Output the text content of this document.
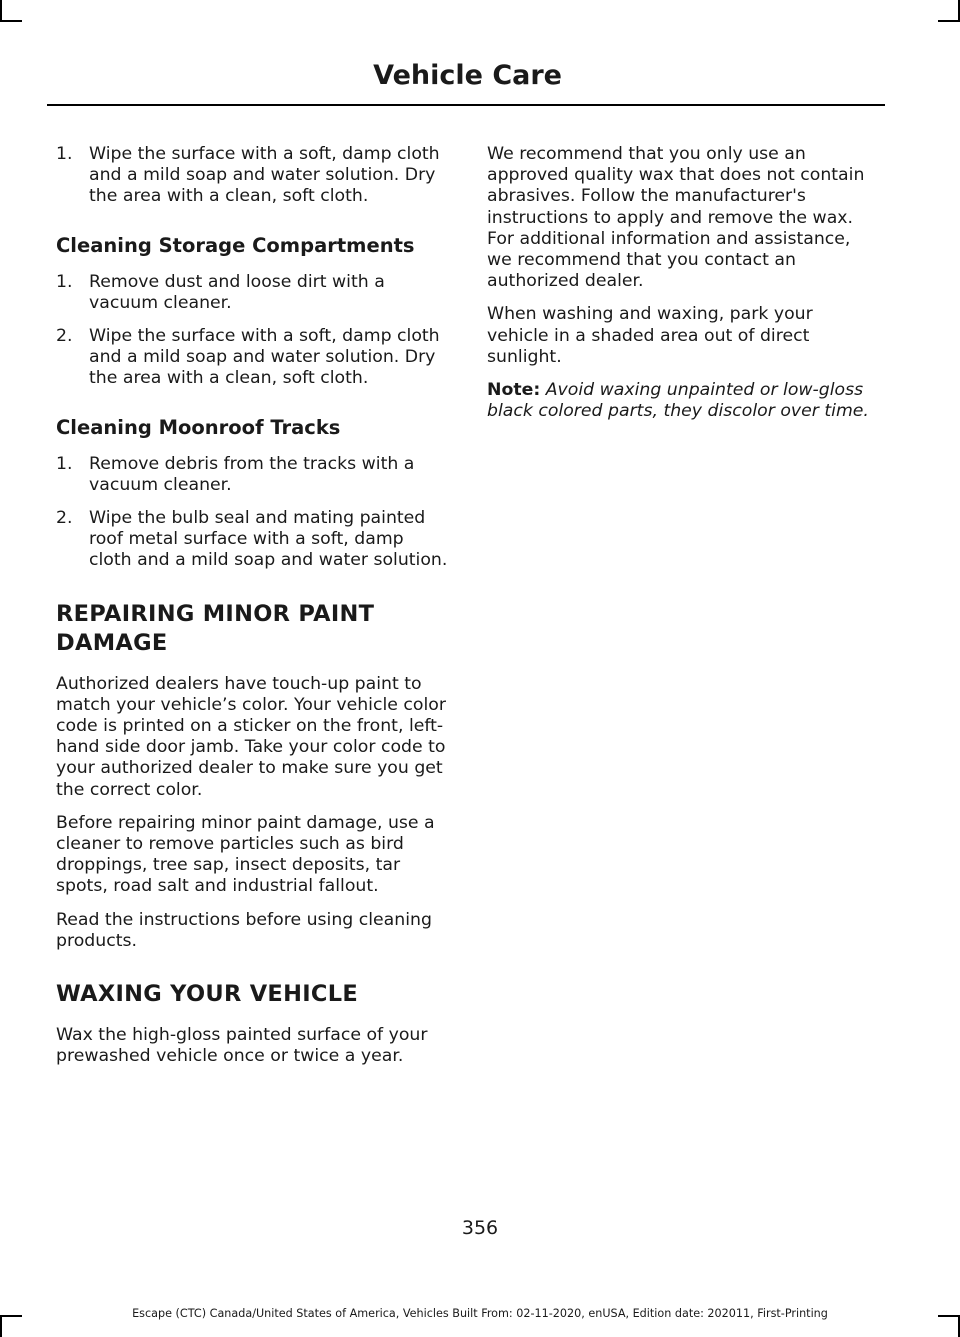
Vehicle Care
1. Wipe the surface with a soft, damp cloth and a mild soap and water solution. Dry the area with a clean, soft cloth.
Cleaning Storage Compartments
1. Remove dust and loose dirt with a vacuum cleaner.
2. Wipe the surface with a soft, damp cloth and a mild soap and water solution. Dry the area with a clean, soft cloth.
Cleaning Moonroof Tracks
1. Remove debris from the tracks with a vacuum cleaner.
2. Wipe the bulb seal and mating painted roof metal surface with a soft, damp cloth and a mild soap and water solution.
REPAIRING MINOR PAINT
DAMAGE

Authorized dealers have touch-up paint to match your vehicle’s color. Your vehicle color code is printed on a sticker on the front, left-hand side door jamb. Take your color code to your authorized dealer to make sure you get the correct color.

Before repairing minor paint damage, use a cleaner to remove particles such as bird droppings, tree sap, insect deposits, tar spots, road salt and industrial fallout.

Read the instructions before using cleaning products.

WAXING YOUR VEHICLE

Wax the high-gloss painted surface of your prewashed vehicle once or twice a year.

We recommend that you only use an approved quality wax that does not contain abrasives. Follow the manufacturer's instructions to apply and remove the wax. For additional information and assistance, we recommend that you contact an authorized dealer.

When washing and waxing, park your vehicle in a shaded area out of direct sunlight.

Note: Avoid waxing unpainted or low-gloss black colored parts, they discolor over time.

356

Escape (CTC) Canada/United States of America, Vehicles Built From: 02-11-2020, enUSA, Edition date: 202011, First-Printing
